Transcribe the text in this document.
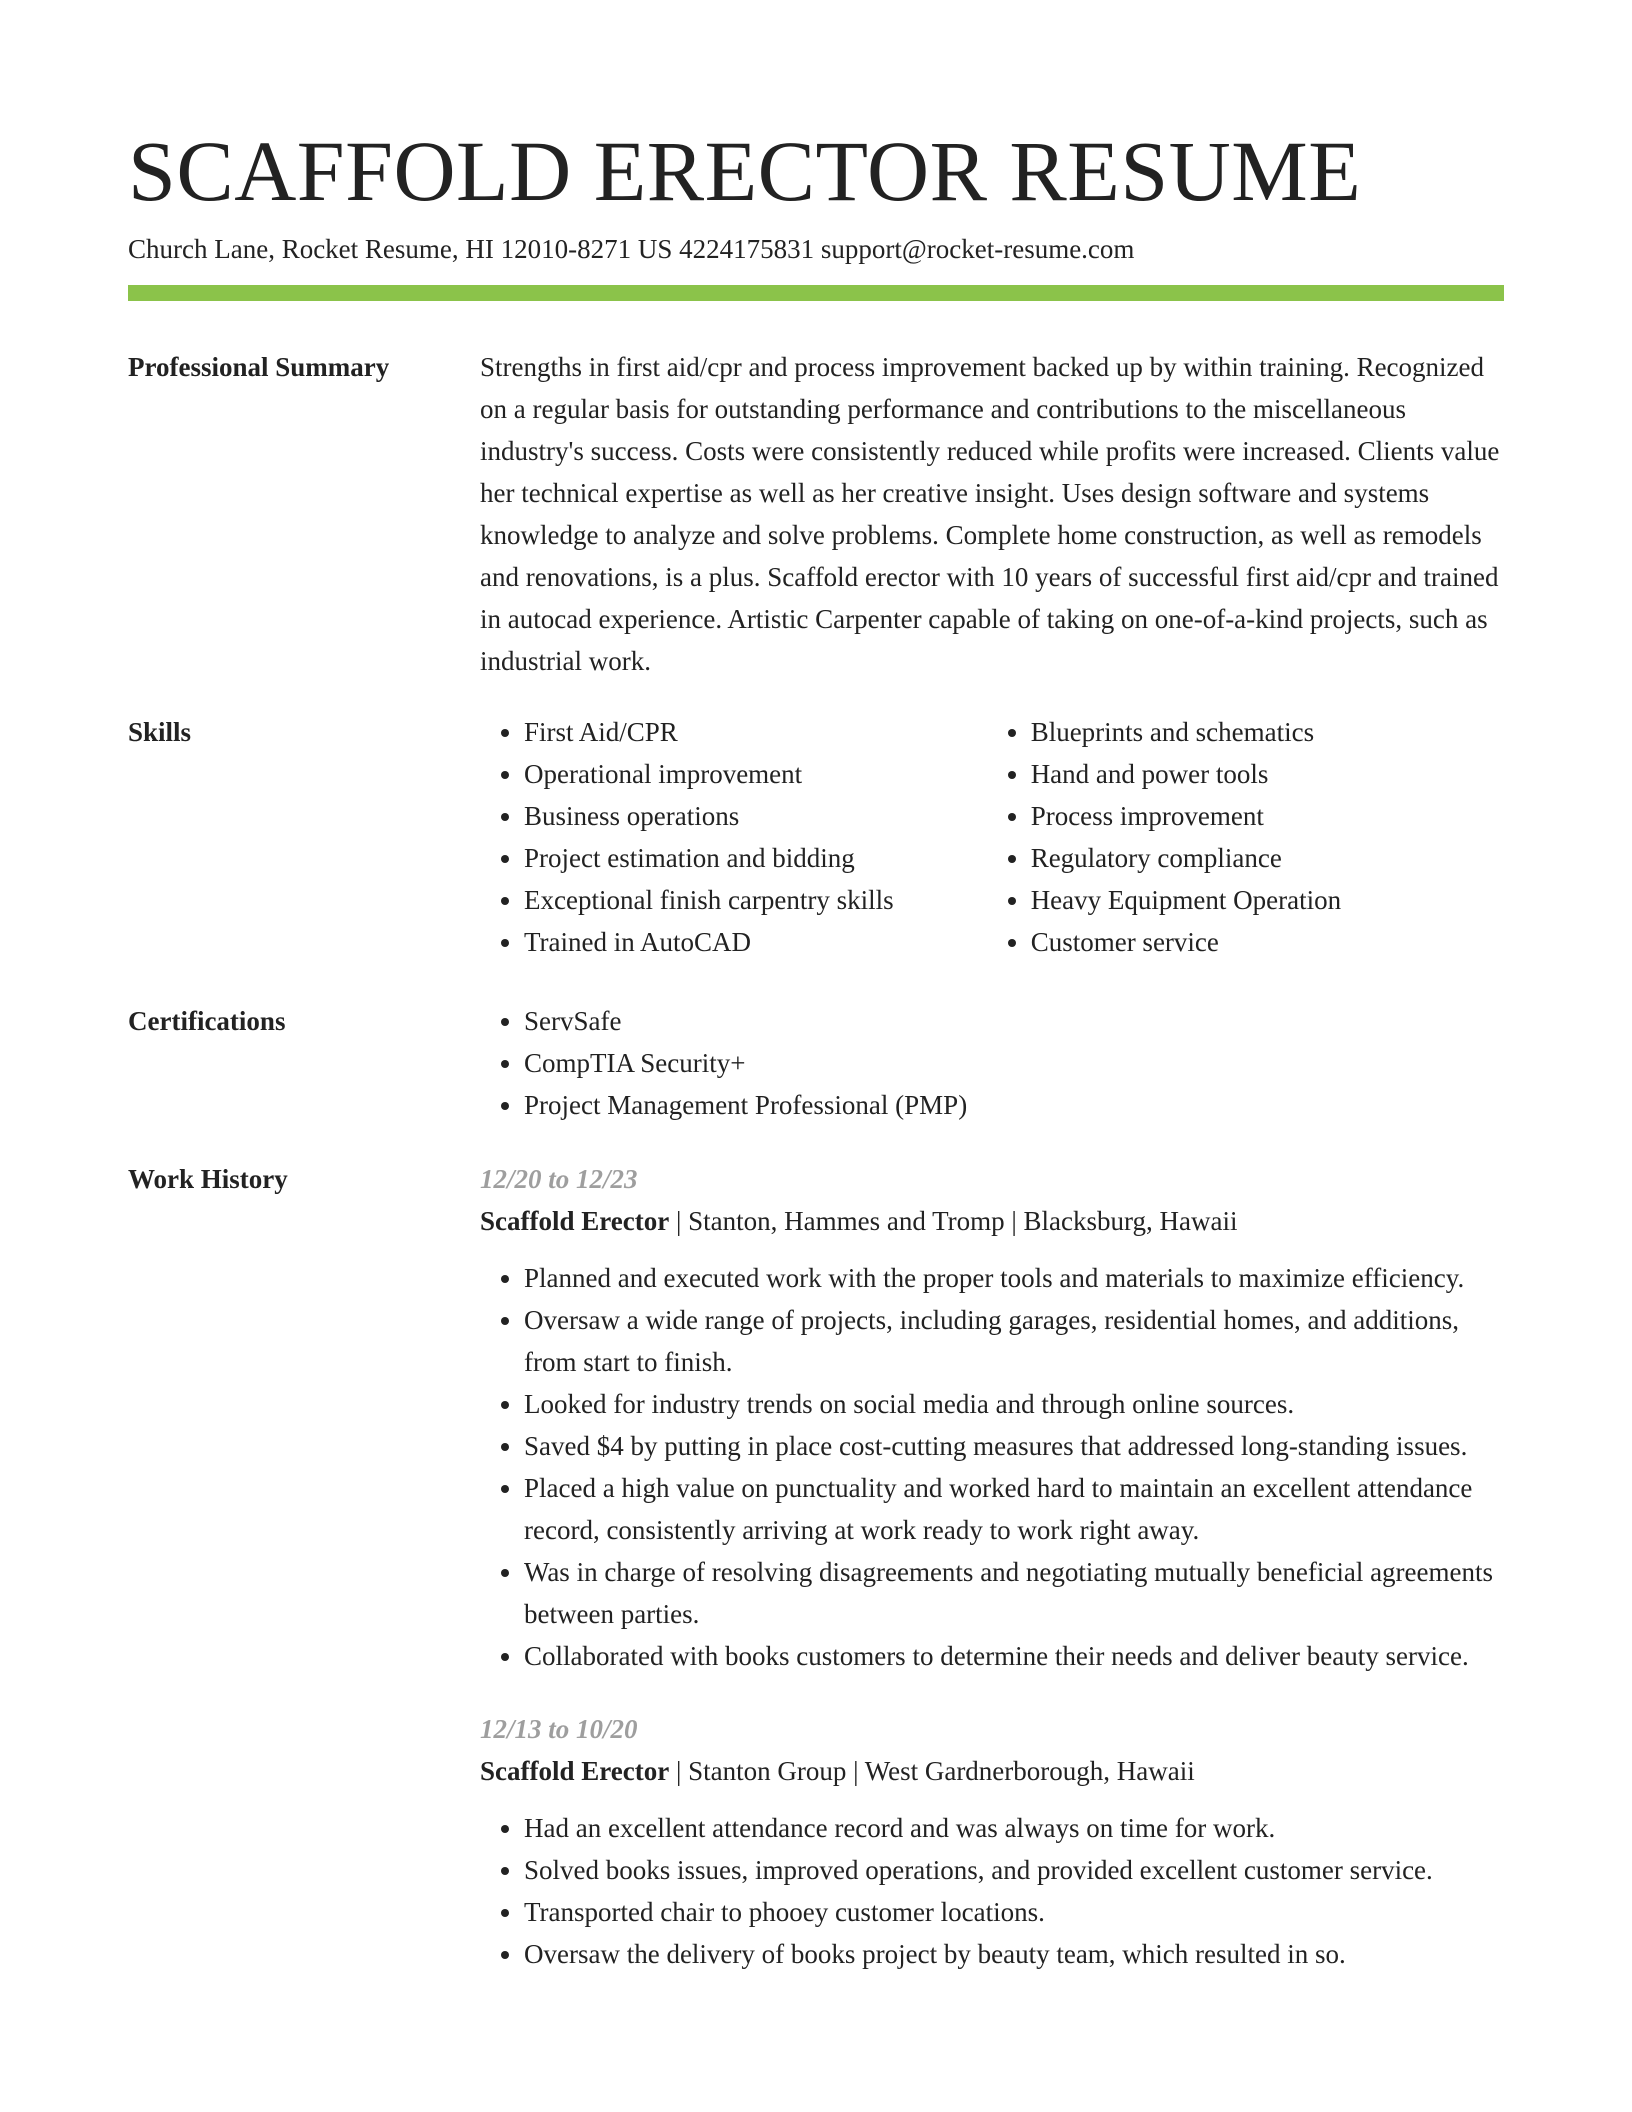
SCAFFOLD ERECTOR RESUME
Church Lane, Rocket Resume, HI 12010-8271 US 4224175831 support@rocket-resume.com
Professional Summary	Strengths in first aid/cpr and process improvement backed up by within training. Recognized on a regular basis for outstanding performance and contributions to the miscellaneous industry's success. Costs were consistently reduced while profits were increased. Clients value her technical expertise as well as her creative insight. Uses design software and systems knowledge to analyze and solve problems. Complete home construction, as well as remodels and renovations, is a plus. Scaffold erector with 10 years of successful first aid/cpr and trained in autocad experience. Artistic Carpenter capable of taking on one-of-a-kind projects, such as industrial work.

Skills	• First Aid/CPR
• Operational improvement
• Business operations
• Project estimation and bidding
• Exceptional finish carpentry skills
• Trained in AutoCAD
• Blueprints and schematics
• Hand and power tools
• Process improvement
• Regulatory compliance
• Heavy Equipment Operation
• Customer service
Certifications	• ServSafe
• CompTIA Security+
• Project Management Professional (PMP)
Work History	12/20 to 12/23
Scaffold Erector | Stanton, Hammes and Tromp | Blacksburg, Hawaii
• Planned and executed work with the proper tools and materials to maximize efficiency.
• Oversaw a wide range of projects, including garages, residential homes, and additions, from start to finish.
• Looked for industry trends on social media and through online sources.
• Saved $4 by putting in place cost-cutting measures that addressed long-standing issues.
• Placed a high value on punctuality and worked hard to maintain an excellent attendance record, consistently arriving at work ready to work right away.
• Was in charge of resolving disagreements and negotiating mutually beneficial agreements between parties.
• Collaborated with books customers to determine their needs and deliver beauty service.
12/13 to 10/20
Scaffold Erector | Stanton Group | West Gardnerborough, Hawaii
• Had an excellent attendance record and was always on time for work.
• Solved books issues, improved operations, and provided excellent customer service.
• Transported chair to phooey customer locations.
• Oversaw the delivery of books project by beauty team, which resulted in so.
